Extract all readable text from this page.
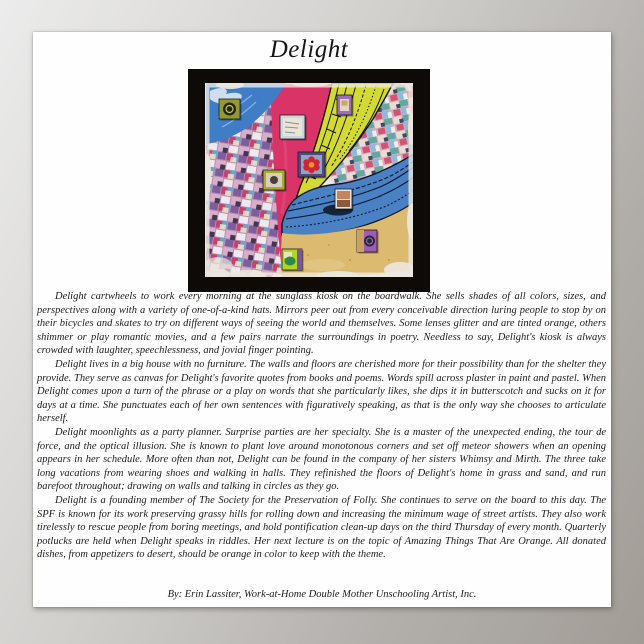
Delight

Delight cartwheels to work every morning at the sunglass kiosk on the boardwalk. She sells shades of all colors, sizes, and perspectives along with a variety of one-of-a-kind hats. Mirrors peer out from every conceivable direction luring people to stop by on their bicycles and skates to try on different ways of seeing the world and themselves. Some lenses glitter and are tinted orange, others shimmer or play romantic movies, and a few pairs narrate the surroundings in poetry. Needless to say, Delight's kiosk is always crowded with laughter, speechlessness, and jovial finger pointing.

Delight lives in a big house with no furniture. The walls and floors are cherished more for their possibility than for the shelter they provide. They serve as canvas for Delight's favorite quotes from books and poems. Words spill across plaster in paint and pastel. When Delight comes upon a turn of the phrase or a play on words that she particularly likes, she dips it in butterscotch and sucks on it for days at a time. She punctuates each of her own sentences with figuratively speaking, as that is the only way she chooses to articulate herself.

Delight moonlights as a party planner. Surprise parties are her specialty. She is a master of the unexpected ending, the tour de force, and the optical illusion. She is known to plant love around monotonous corners and set off meteor showers when an opening appears in her schedule. More often than not, Delight can be found in the company of her sisters Whimsy and Mirth. The three take long vacations from wearing shoes and walking in halls. They refinished the floors of Delight's home in grass and sand, and run barefoot throughout; drawing on walls and talking in circles as they go.

Delight is a founding member of The Society for the Preservation of Folly. She continues to serve on the board to this day. The SPF is known for its work preserving grassy hills for rolling down and increasing the minimum wage of street artists. They also work tirelessly to rescue people from boring meetings, and hold pontification clean-up days on the third Thursday of every month. Quarterly potlucks are held when Delight speaks in riddles. Her next lecture is on the topic of Amazing Things That Are Orange. All donated dishes, from appetizers to desert, should be orange in color to keep with the theme.

By: Erin Lassiter, Work-at-Home Double Mother Unschooling Artist, Inc.
